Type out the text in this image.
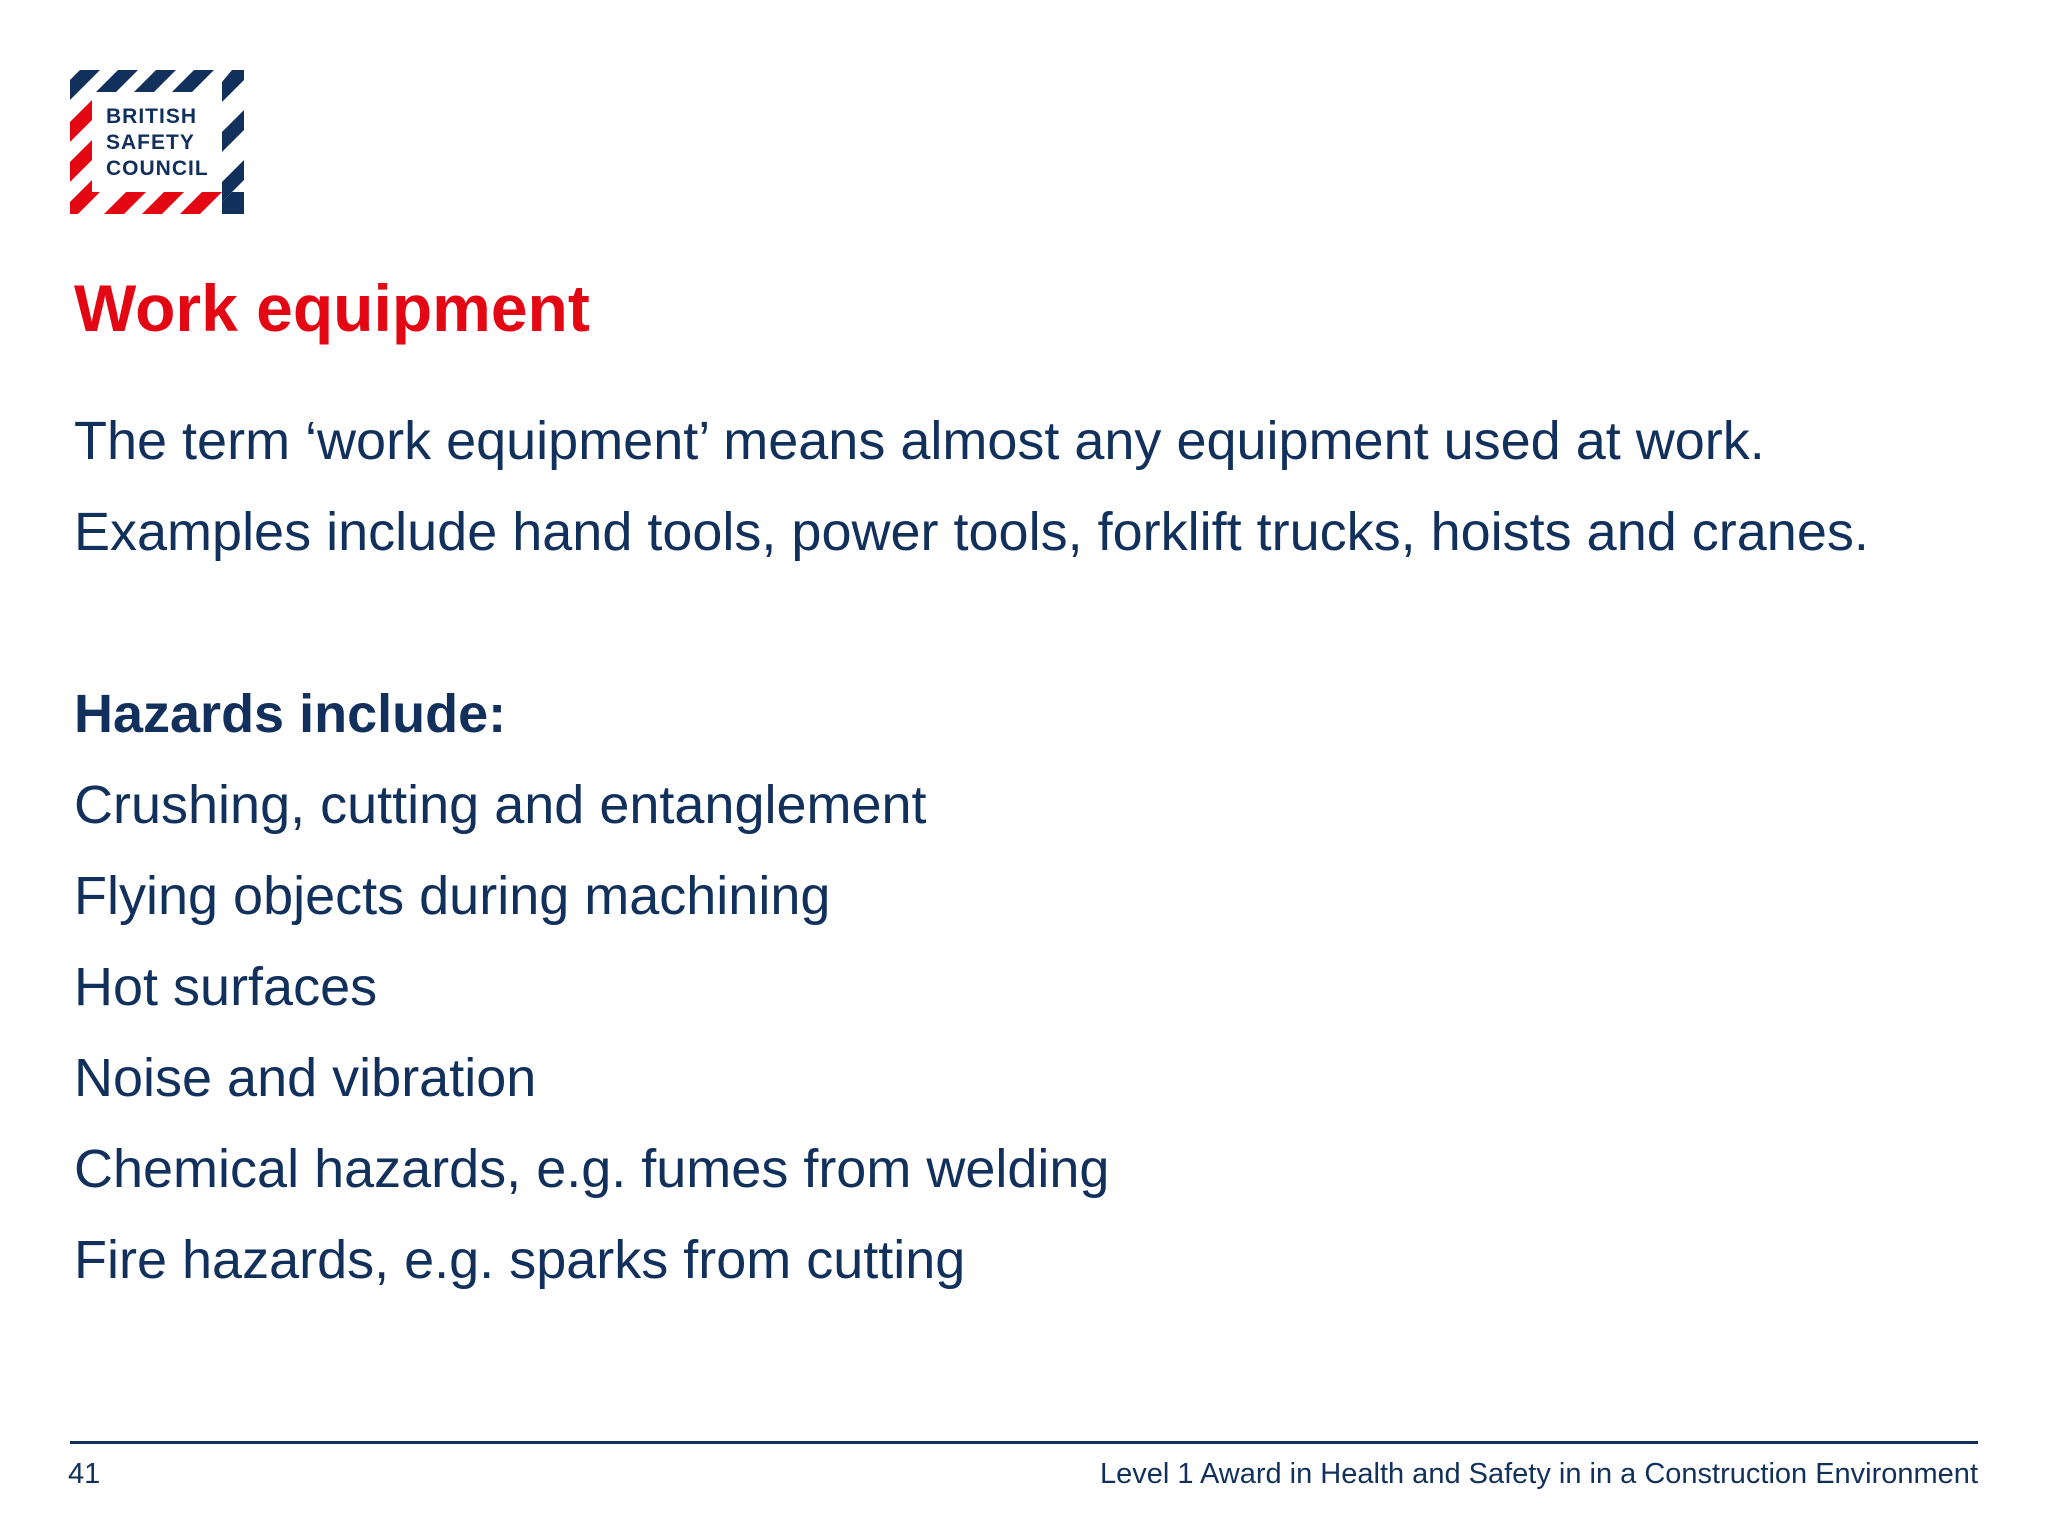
BRITISH
SAFETY
COUNCIL
Work equipment
The term ‘work equipment’ means almost any equipment used at work.
Examples include hand tools, power tools, forklift trucks, hoists and cranes.
Hazards include:
Crushing, cutting and entanglement
Flying objects during machining
Hot surfaces
Noise and vibration
Chemical hazards, e.g. fumes from welding
Fire hazards, e.g. sparks from cutting
41	Level 1 Award in Health and Safety in in a Construction Environment
